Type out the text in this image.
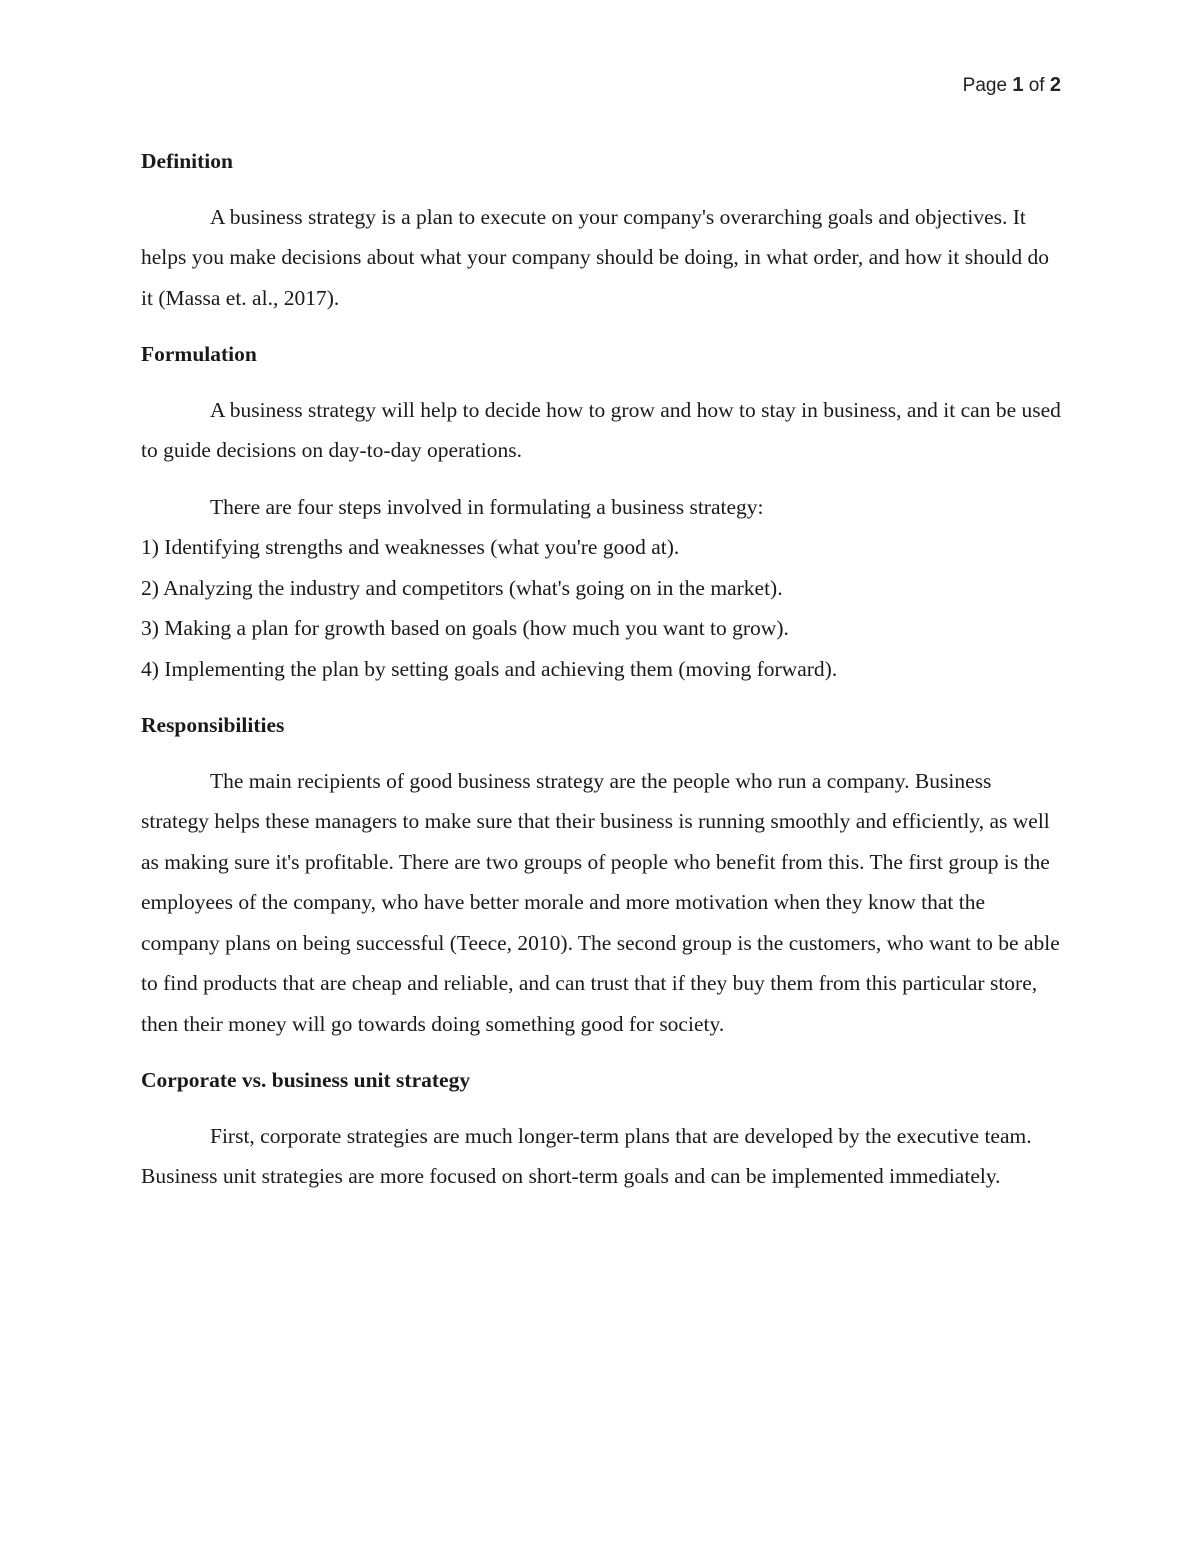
Page 1 of 2

Definition

A business strategy is a plan to execute on your company's overarching goals and objectives. It helps you make decisions about what your company should be doing, in what order, and how it should do it (Massa et. al., 2017).

Formulation

A business strategy will help to decide how to grow and how to stay in business, and it can be used to guide decisions on day-to-day operations.

There are four steps involved in formulating a business strategy:

1) Identifying strengths and weaknesses (what you're good at).

2) Analyzing the industry and competitors (what's going on in the market).

3) Making a plan for growth based on goals (how much you want to grow).

4) Implementing the plan by setting goals and achieving them (moving forward).

Responsibilities

The main recipients of good business strategy are the people who run a company. Business strategy helps these managers to make sure that their business is running smoothly and efficiently, as well as making sure it's profitable. There are two groups of people who benefit from this. The first group is the employees of the company, who have better morale and more motivation when they know that the company plans on being successful (Teece, 2010). The second group is the customers, who want to be able to find products that are cheap and reliable, and can trust that if they buy them from this particular store, then their money will go towards doing something good for society.

Corporate vs. business unit strategy

First, corporate strategies are much longer-term plans that are developed by the executive team. Business unit strategies are more focused on short-term goals and can be implemented immediately.
